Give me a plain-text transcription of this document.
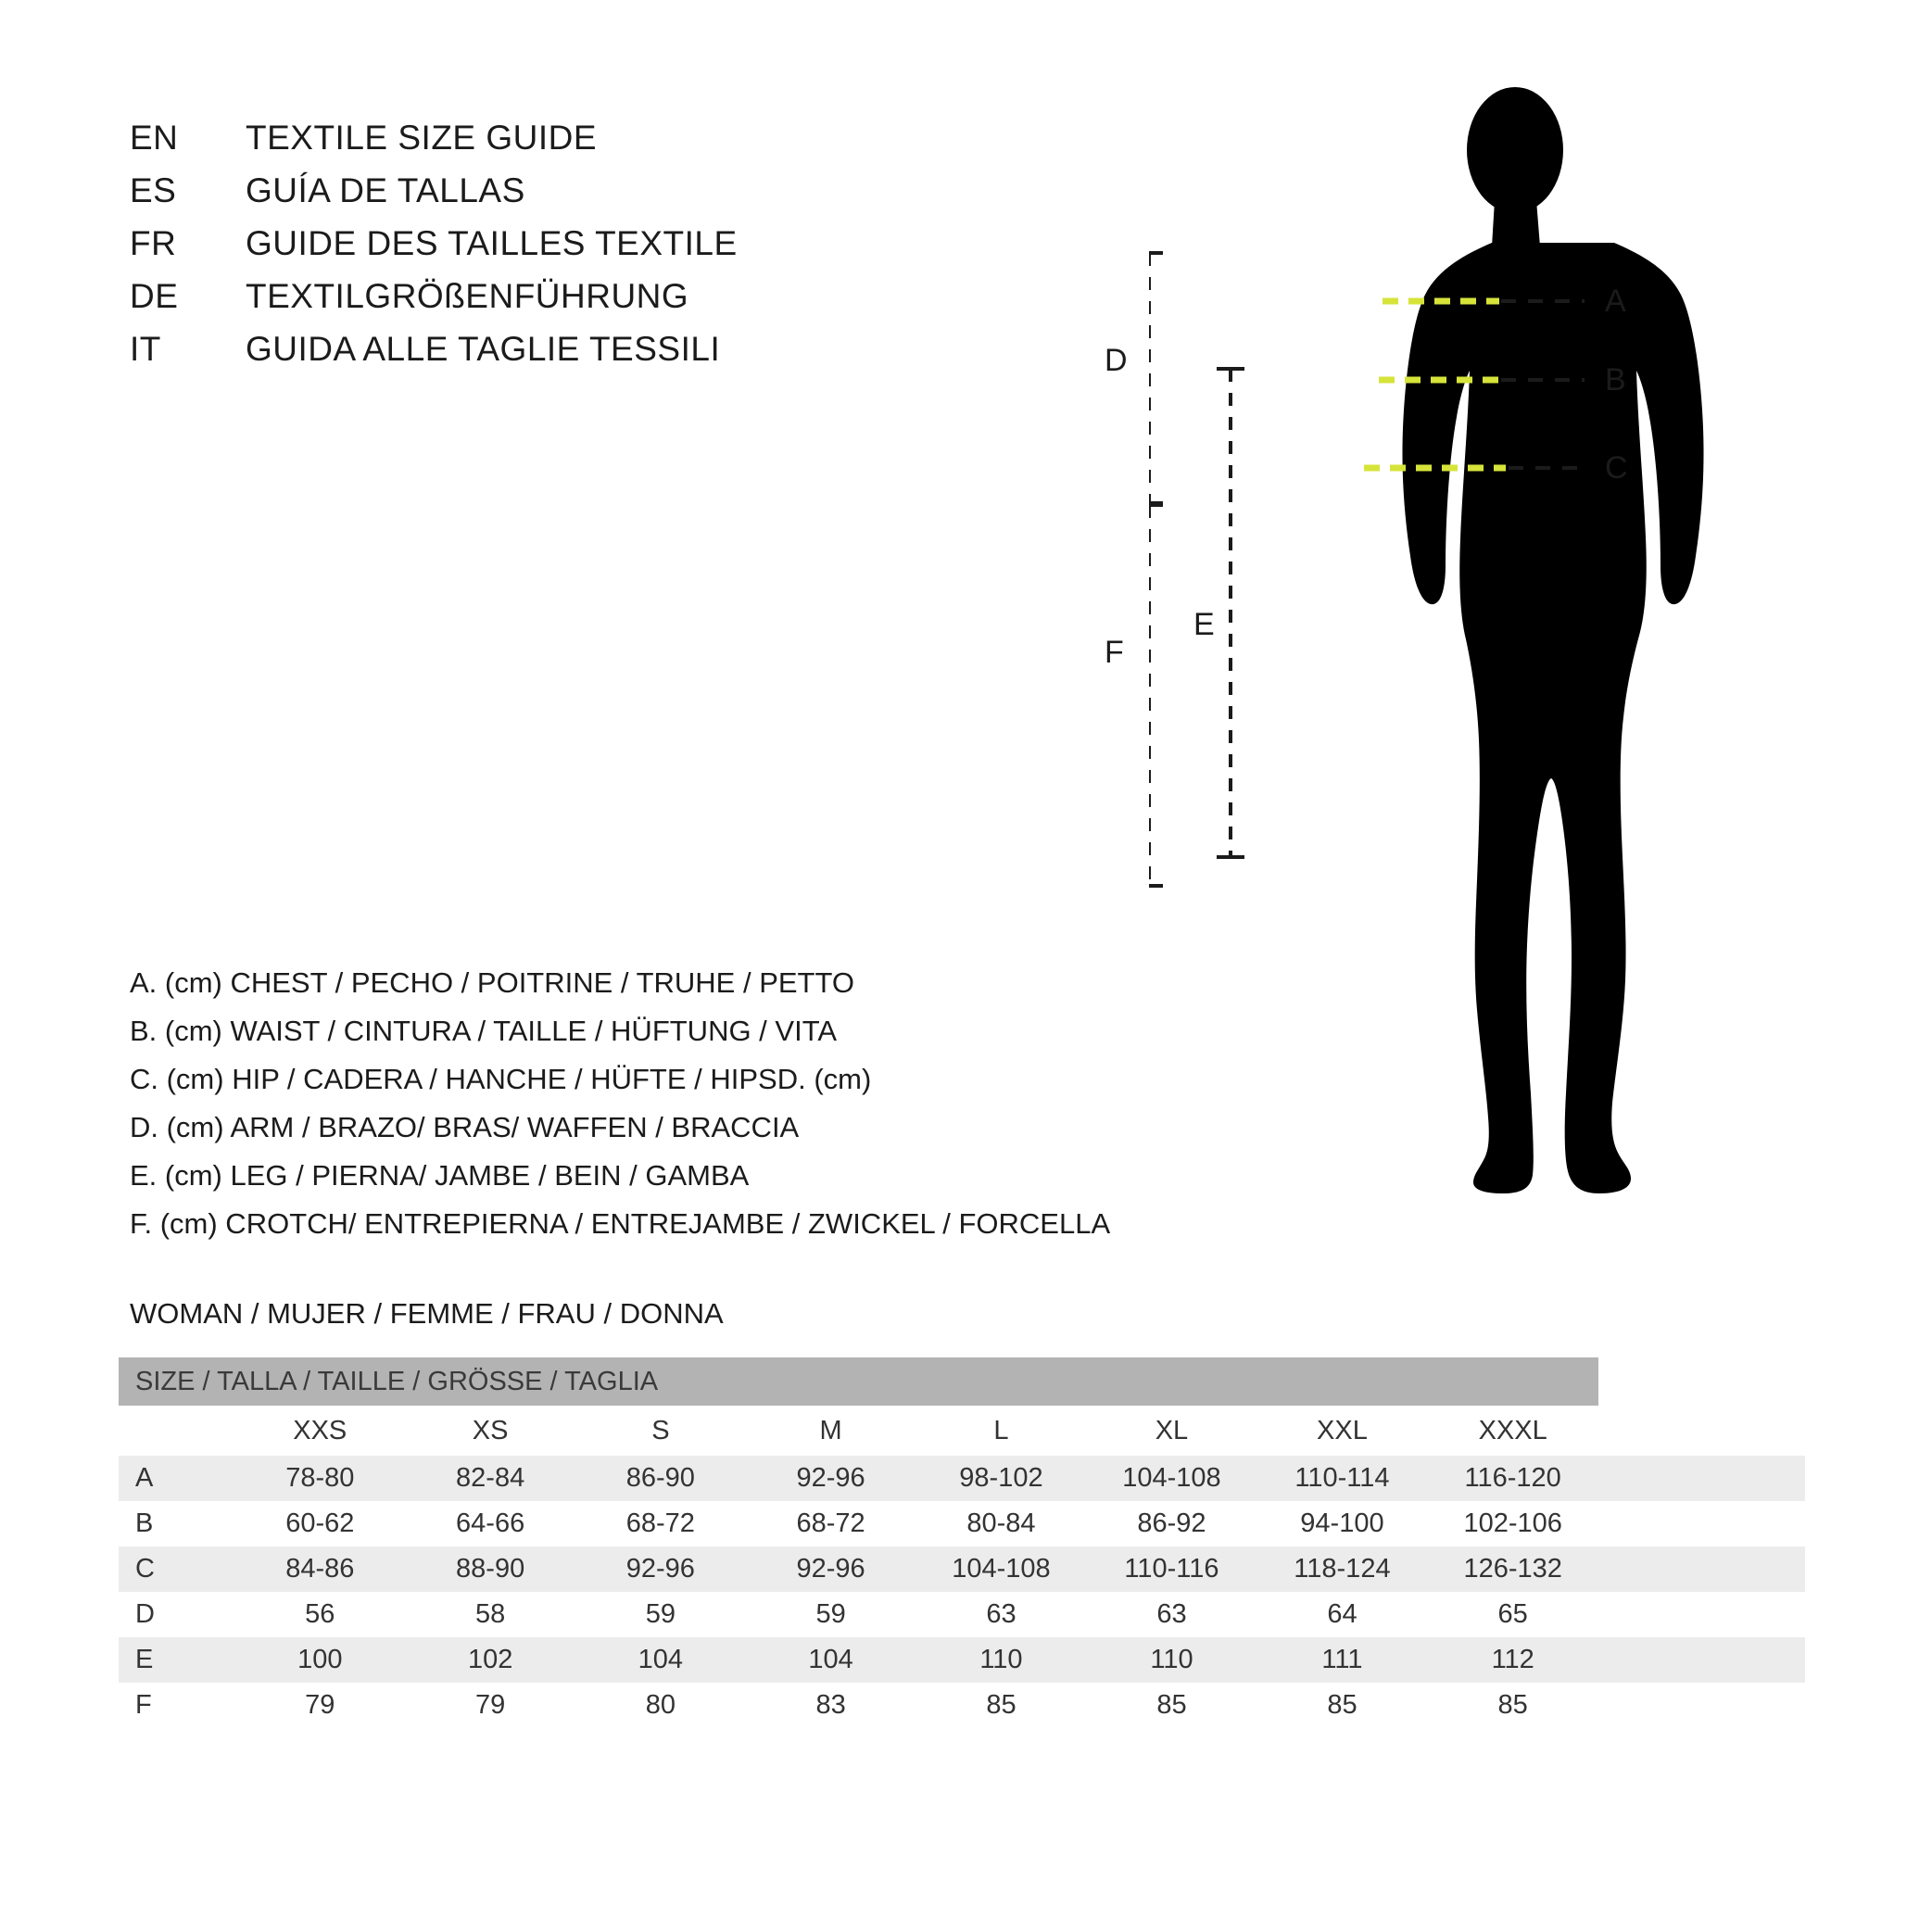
EN	TEXTILE SIZE GUIDE
ES	GUÍA DE TALLAS
FR	GUIDE DES TAILLES TEXTILE
DE	TEXTILGRÖßENFÜHRUNG
IT	GUIDA ALLE TAGLIE TESSILI
A
B
C
D
E
F
A. (cm) CHEST / PECHO / POITRINE / TRUHE / PETTO
B. (cm) WAIST / CINTURA / TAILLE / HÜFTUNG / VITA
C. (cm) HIP / CADERA / HANCHE / HÜFTE / HIPSD. (cm)
D. (cm) ARM / BRAZO/ BRAS/ WAFFEN / BRACCIA
E. (cm) LEG / PIERNA/ JAMBE / BEIN / GAMBA
F. (cm) CROTCH/ ENTREPIERNA / ENTREJAMBE / ZWICKEL / FORCELLA
WOMAN / MUJER / FEMME / FRAU / DONNA
SIZE / TALLA / TAILLE / GRÖSSE / TAGLIA									
	XXS	XS	S	M	L	XL	XXL	XXXL	
A	78-80	82-84	86-90	92-96	98-102	104-108	110-114	116-120	
B	60-62	64-66	68-72	68-72	80-84	86-92	94-100	102-106	
C	84-86	88-90	92-96	92-96	104-108	110-116	118-124	126-132	
D	56	58	59	59	63	63	64	65	
E	100	102	104	104	110	110	111	112	
F	79	79	80	83	85	85	85	85	
